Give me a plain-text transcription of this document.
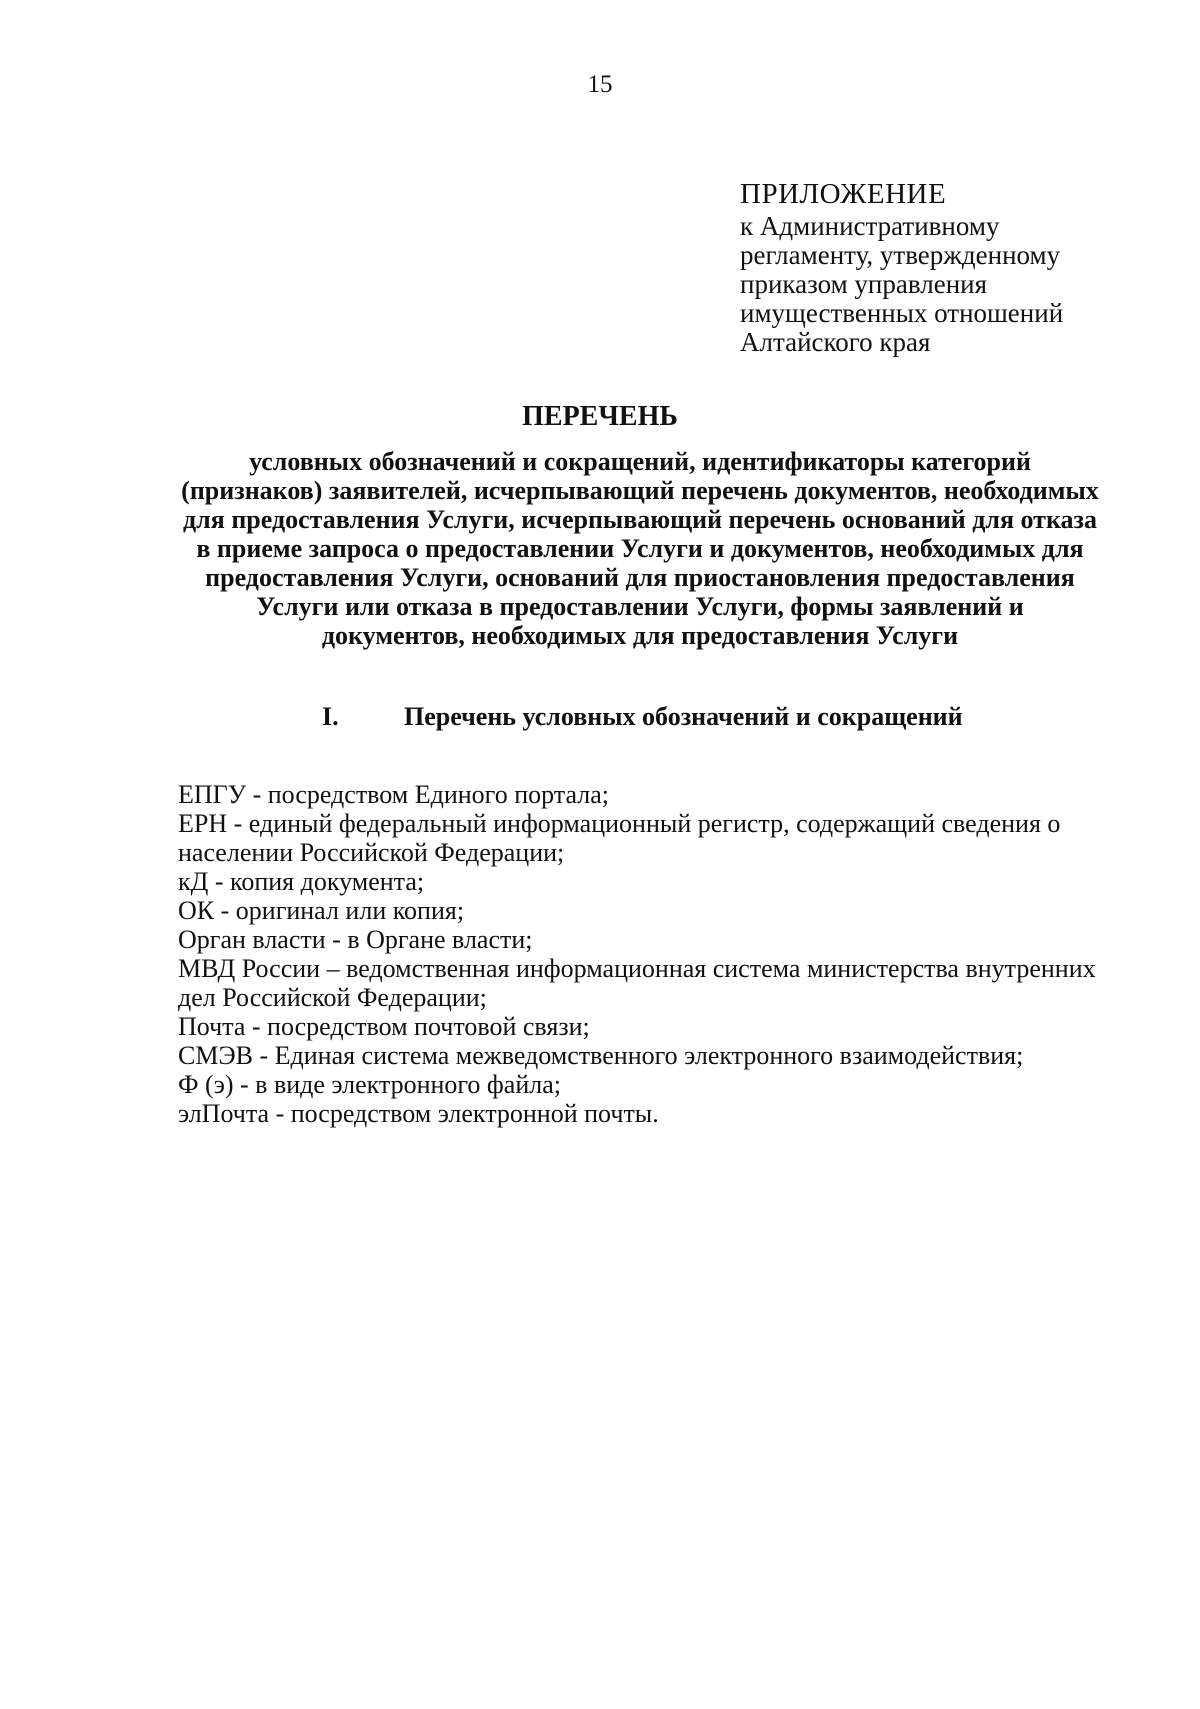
15
ПРИЛОЖЕНИЕ
к Административному
регламенту, утвержденному
приказом управления
имущественных отношений
Алтайского края
ПЕРЕЧЕНЬ
условных обозначений и сокращений, идентификаторы категорий
(признаков) заявителей, исчерпывающий перечень документов, необходимых
для предоставления Услуги, исчерпывающий перечень оснований для отказа
в приеме запроса о предоставлении Услуги и документов, необходимых для
предоставления Услуги, оснований для приостановления предоставления
Услуги или отказа в предоставлении Услуги, формы заявлений и
документов, необходимых для предоставления Услуги
I.	Перечень условных обозначений и сокращений
ЕПГУ - посредством Единого портала;
ЕРН - единый федеральный информационный регистр, содержащий сведения о
населении Российской Федерации;
кД - копия документа;
ОК - оригинал или копия;
Орган власти - в Органе власти;
МВД России – ведомственная информационная система министерства внутренних
дел Российской Федерации;
Почта - посредством почтовой связи;
СМЭВ - Единая система межведомственного электронного взаимодействия;
Ф (э) - в виде электронного файла;
элПочта - посредством электронной почты.
